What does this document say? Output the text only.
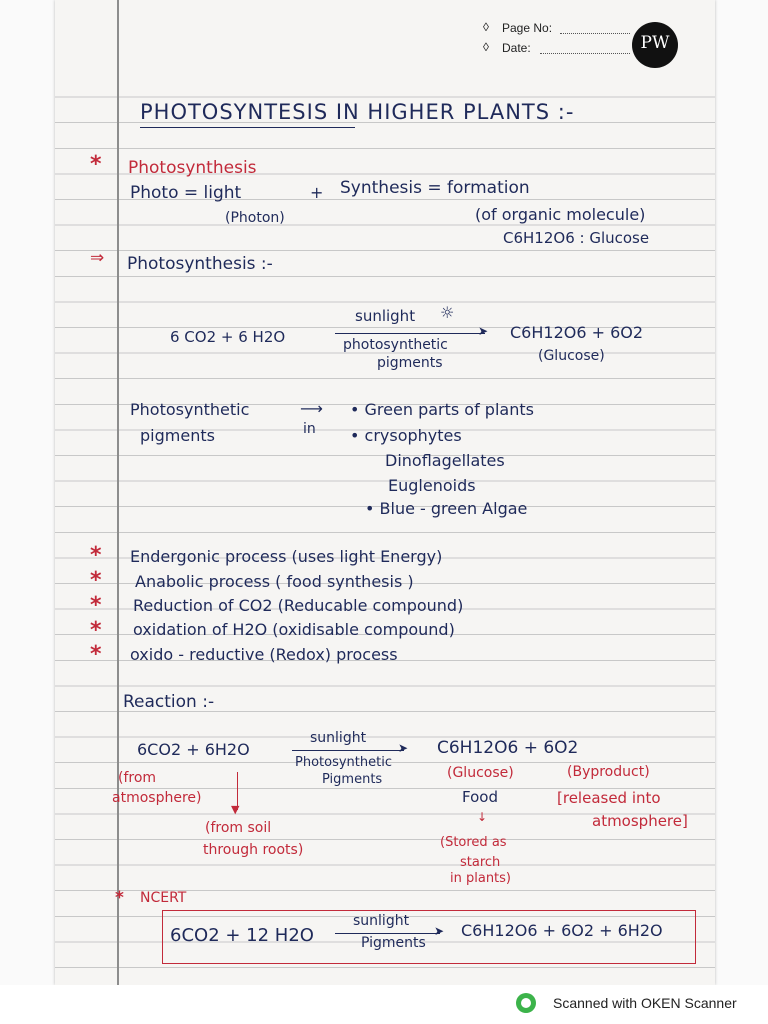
◊ Page No:
◊ Date:	PW
PHOTOSYNTESIS IN HIGHER PLANTS :-
* Photosynthesis
Photo = light	+ Synthesis = formation
(Photon)	(of organic molecule)
C6H12O6 : Glucose
⇒ Photosynthesis :-
6 CO2 + 6 H2O
sunlight ☼
➤
photosynthetic
pigments
C6H12O6 + 6O2
(Glucose)
Photosynthetic
pigments
⟶
in
• Green parts of plants
• crysophytes
Dinoflagellates
Euglenoids
• Blue - green Algae
* Endergonic process (uses light Energy)
* Anabolic process ( food synthesis )
* Reduction of CO2 (Reducable compound)
* oxidation of H2O (oxidisable compound)
* oxido - reductive (Redox) process
Reaction :-
6CO2 + 6H2O
sunlight
➤
Photosynthetic
Pigments
C6H12O6 + 6O2
(from
atmosphere)
▼
(from soil
through roots)
(Glucose)
Food
↓
(Stored as
starch
in plants)
(Byproduct)
[released into
atmosphere]
* NCERT
6CO2 + 12 H2O
sunlight
➤
Pigments
C6H12O6 + 6O2 + 6H2O
Scanned with OKEN Scanner
